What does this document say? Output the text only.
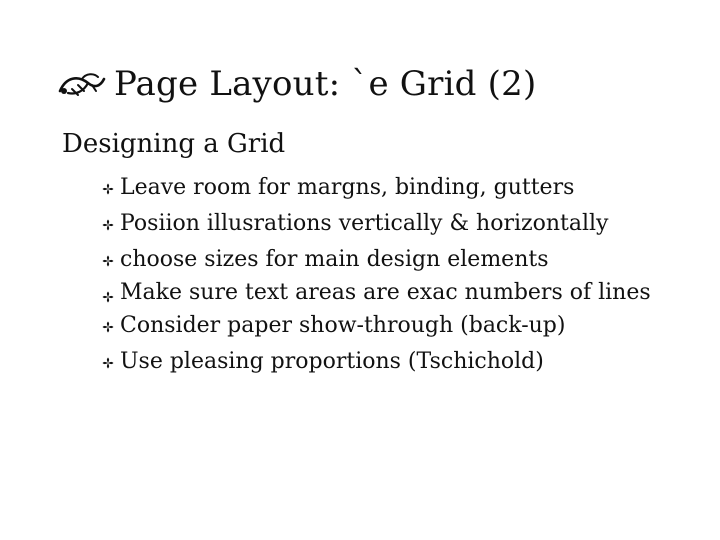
Page Layout: `e Grid (2)
Designing a Grid
Leave room for margns, binding, gutters
Posiion illusrations vertically & horizontally
choose sizes for main design elements
Make sure text areas are exac numbers of lines
Consider paper show-through (back-up)
Use pleasing proportions (Tschichold)
